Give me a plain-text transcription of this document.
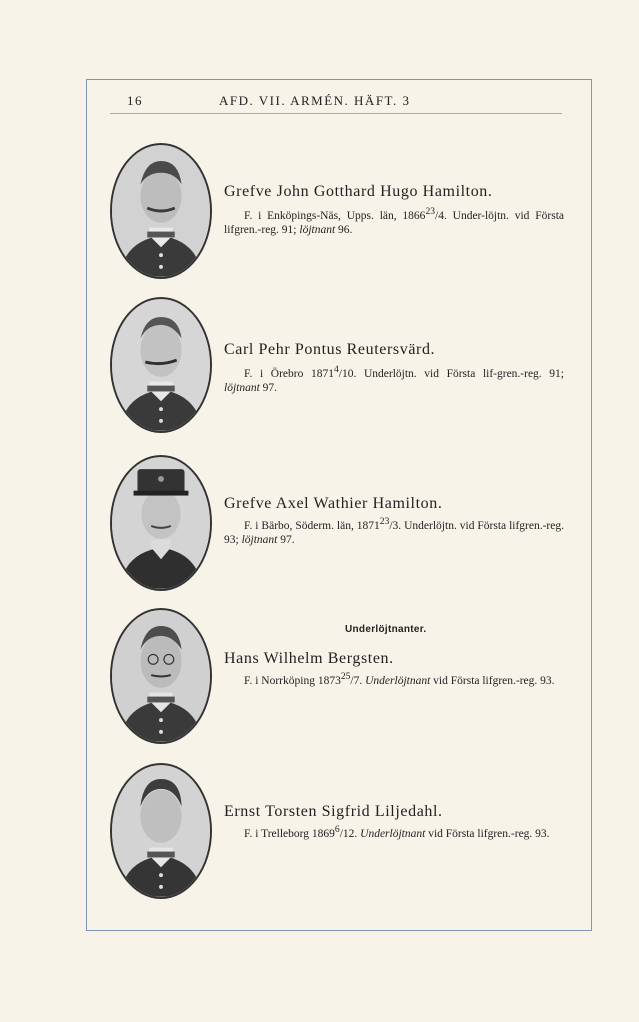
16	AFD. VII. ARMÉN. HÄFT. 3
Grefve John Gotthard Hugo Hamilton.
F. i Enköpings-Näs, Upps. län, 1866$^{23}$/4. Under-löjtn. vid Första lifgren.-reg. 91; löjtnant 96.
Carl Pehr Pontus Reutersvärd.
F. i Örebro 1871$^4$/10. Underlöjtn. vid Första lif-gren.-reg. 91; löjtnant 97.
Grefve Axel Wathier Hamilton.
F. i Bärbo, Söderm. län, 1871$^{23}$/3. Underlöjtn. vid Första lifgren.-reg. 93; löjtnant 97.
Underlöjtnanter.
Hans Wilhelm Bergsten.
F. i Norrköping 1873$^{25}$/7. Underlöjtnant vid Första lifgren.-reg. 93.
Ernst Torsten Sigfrid Liljedahl.
F. i Trelleborg 1869$^6$/12. Underlöjtnant vid Första lifgren.-reg. 93.
